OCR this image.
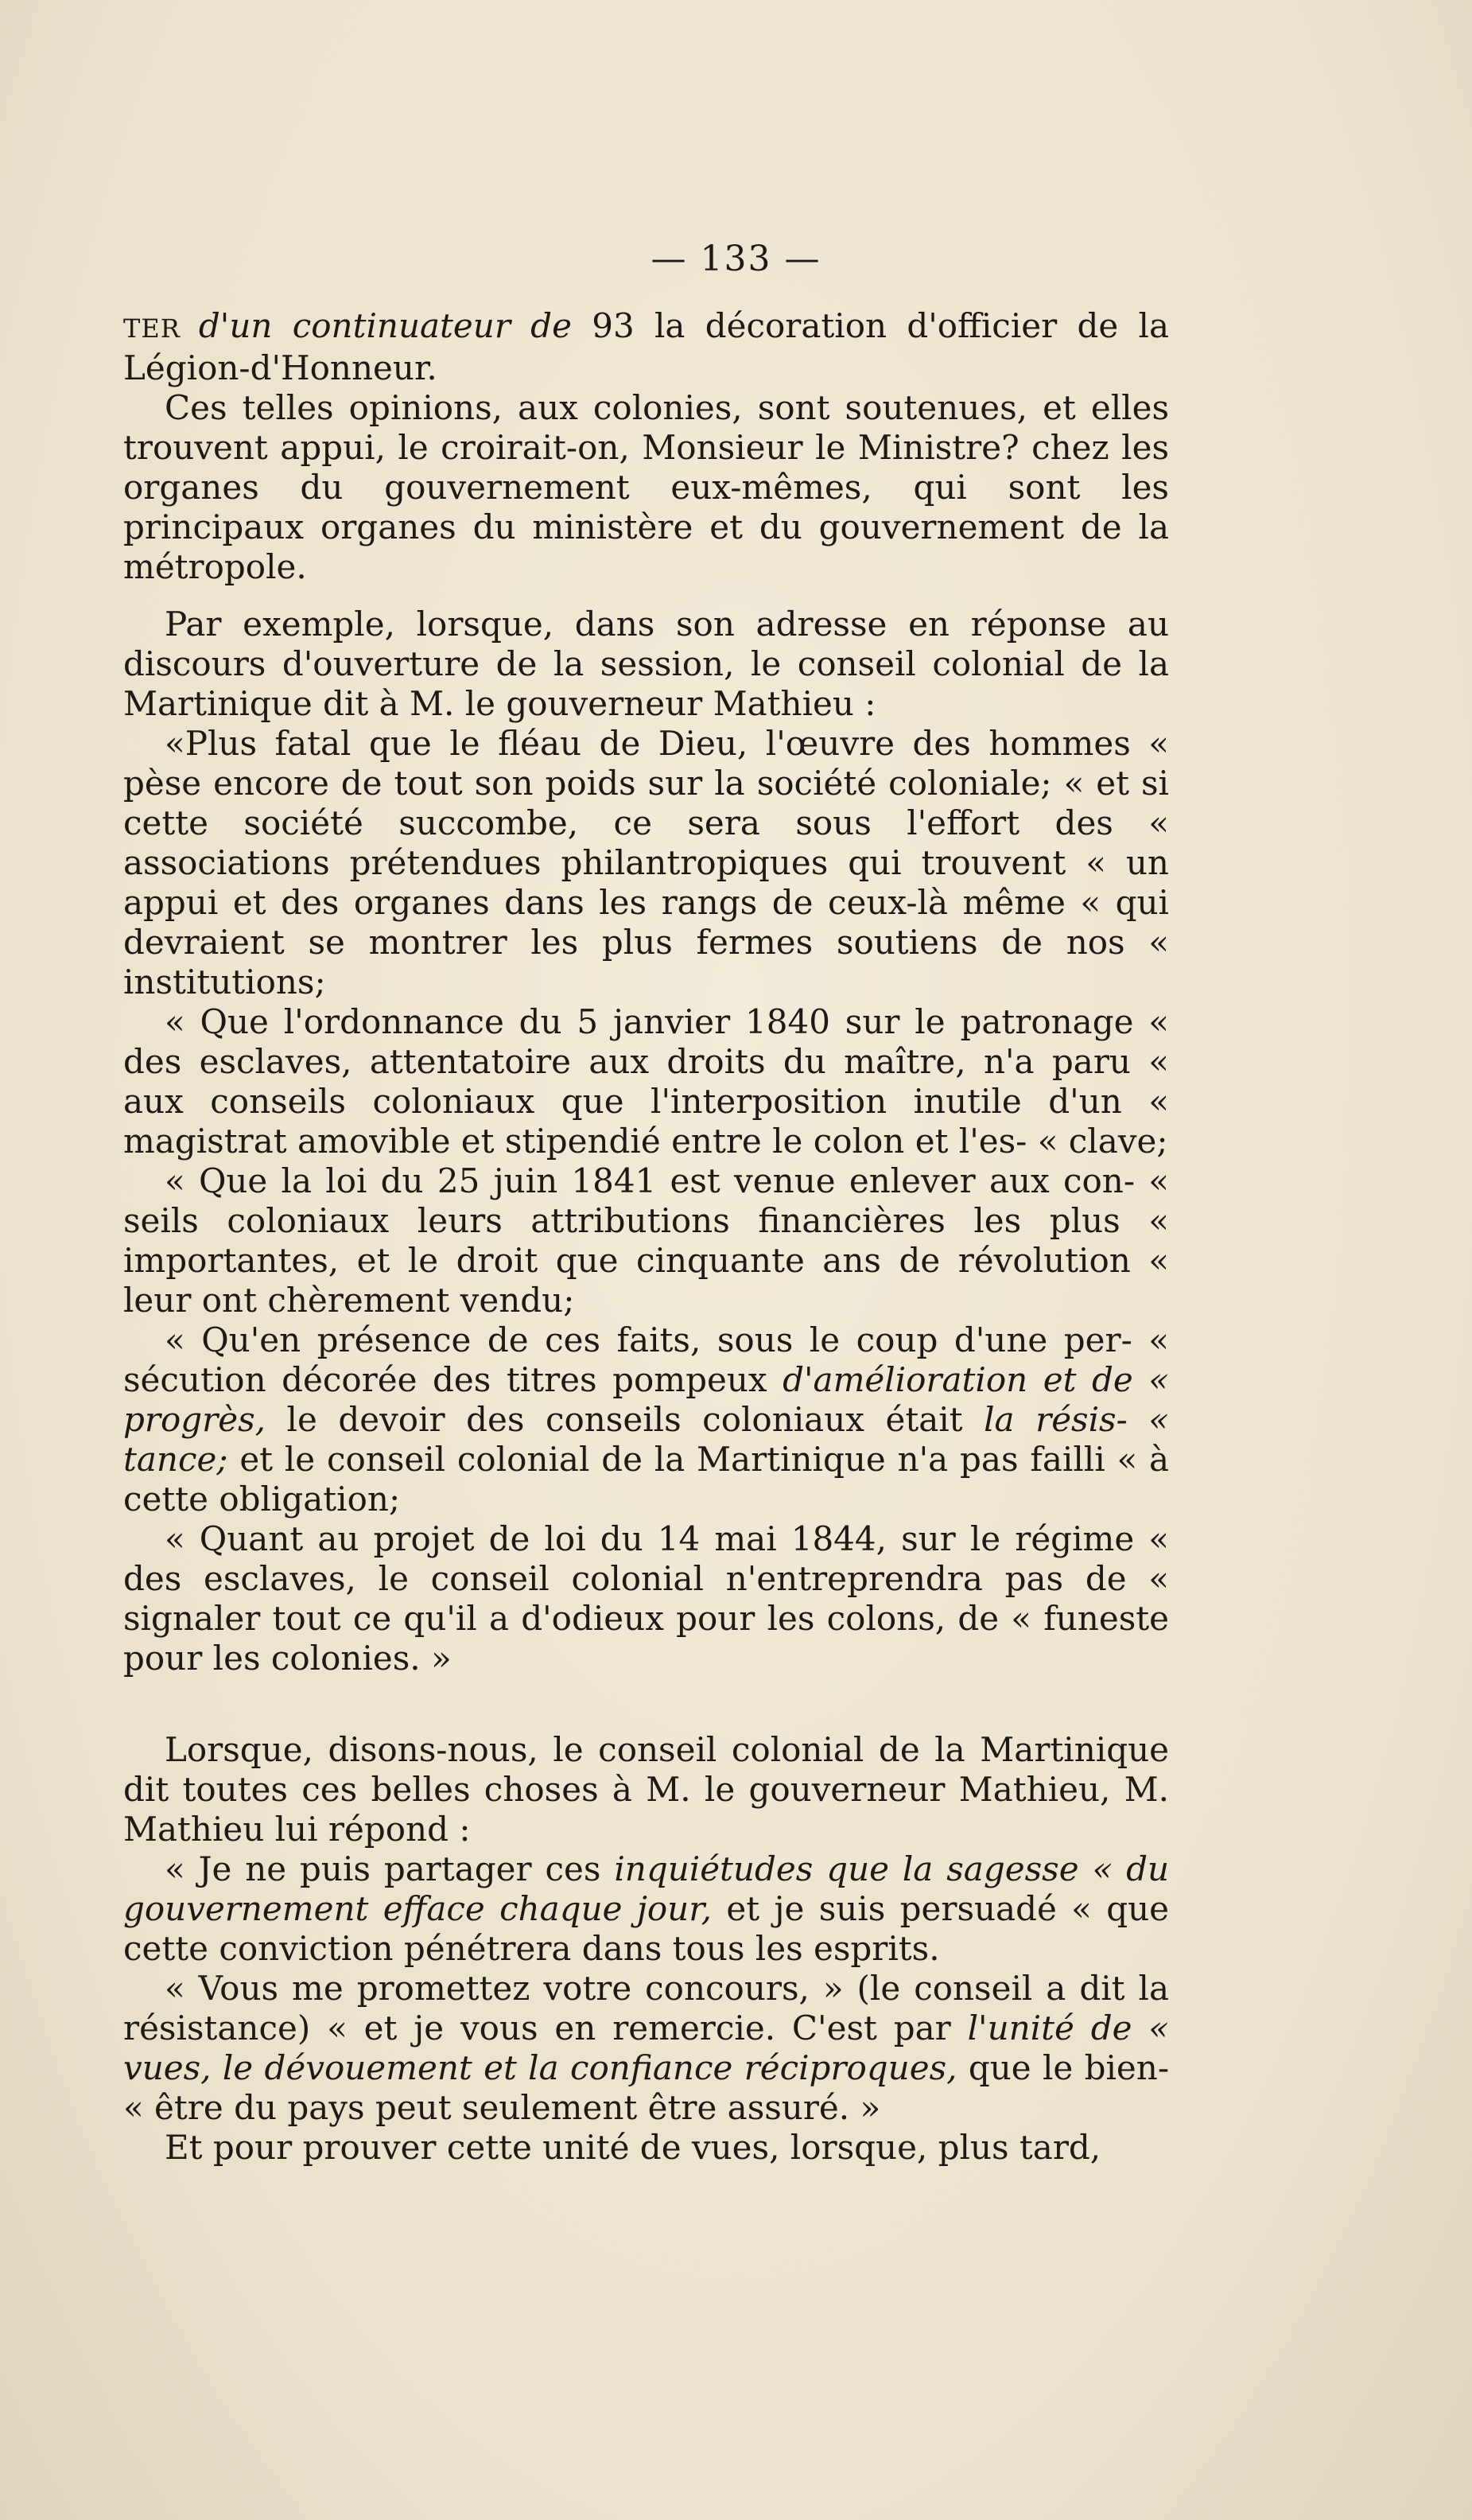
— 133 —

TER d'un continuateur de 93 la décoration d'officier de la Légion-d'Honneur.

Ces telles opinions, aux colonies, sont soutenues, et elles trouvent appui, le croirait-on, Monsieur le Ministre? chez les organes du gouvernement eux-mêmes, qui sont les principaux organes du ministère et du gouvernement de la métropole.

Par exemple, lorsque, dans son adresse en réponse au discours d'ouverture de la session, le conseil colonial de la Martinique dit à M. le gouverneur Mathieu :

«Plus fatal que le fléau de Dieu, l'œuvre des hommes « pèse encore de tout son poids sur la société coloniale; « et si cette société succombe, ce sera sous l'effort des « associations prétendues philantropiques qui trouvent « un appui et des organes dans les rangs de ceux-là même « qui devraient se montrer les plus fermes soutiens de nos « institutions;

« Que l'ordonnance du 5 janvier 1840 sur le patronage « des esclaves, attentatoire aux droits du maître, n'a paru « aux conseils coloniaux que l'interposition inutile d'un « magistrat amovible et stipendié entre le colon et l'es- « clave;

« Que la loi du 25 juin 1841 est venue enlever aux con- « seils coloniaux leurs attributions financières les plus « importantes, et le droit que cinquante ans de révolution « leur ont chèrement vendu;

« Qu'en présence de ces faits, sous le coup d'une per- « sécution décorée des titres pompeux d'amélioration et de « progrès, le devoir des conseils coloniaux était la résis- « tance; et le conseil colonial de la Martinique n'a pas failli « à cette obligation;

« Quant au projet de loi du 14 mai 1844, sur le régime « des esclaves, le conseil colonial n'entreprendra pas de « signaler tout ce qu'il a d'odieux pour les colons, de « funeste pour les colonies. »

Lorsque, disons-nous, le conseil colonial de la Martinique dit toutes ces belles choses à M. le gouverneur Mathieu, M. Mathieu lui répond :

« Je ne puis partager ces inquiétudes que la sagesse « du gouvernement efface chaque jour, et je suis persuadé « que cette conviction pénétrera dans tous les esprits.

« Vous me promettez votre concours, » (le conseil a dit la résistance) « et je vous en remercie. C'est par l'unité de « vues, le dévouement et la confiance réciproques, que le bien- « être du pays peut seulement être assuré. »

Et pour prouver cette unité de vues, lorsque, plus tard,
